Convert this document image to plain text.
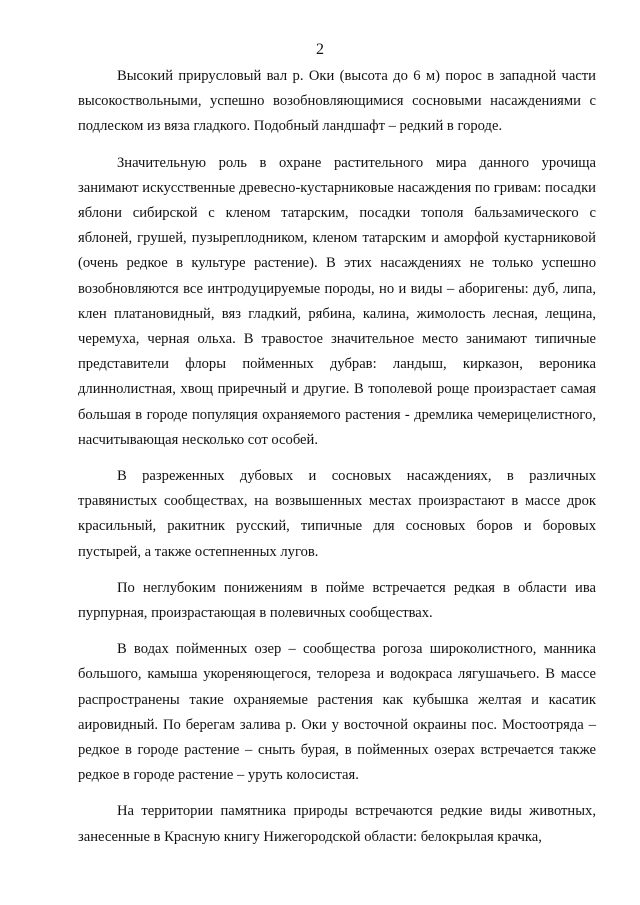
2

Высокий прирусловый вал р. Оки (высота до 6 м) порос в западной части высокоствольными, успешно возобновляющимися сосновыми насаждениями с подлеском из вяза гладкого. Подобный ландшафт – редкий в городе.

Значительную роль в охране растительного мира данного урочища занимают искусственные древесно-кустарниковые насаждения по гривам: посадки яблони сибирской с кленом татарским, посадки тополя бальзамического с яблоней, грушей, пузыреплодником, кленом татарским и аморфой кустарниковой (очень редкое в культуре растение). В этих насаждениях не только успешно возобновляются все интродуцируемые породы, но и виды – аборигены: дуб, липа, клен платановидный, вяз гладкий, рябина, калина, жимолость лесная, лещина, черемуха, черная ольха. В травостое значительное место занимают типичные представители флоры пойменных дубрав: ландыш, кирказон, вероника длиннолистная, хвощ приречный и другие. В тополевой роще произрастает самая большая в городе популяция охраняемого растения - дремлика чемерицелистного, насчитывающая несколько сот особей.

В разреженных дубовых и сосновых насаждениях, в различных травянистых сообществах, на возвышенных местах произрастают в массе дрок красильный, ракитник русский, типичные для сосновых боров и боровых пустырей, а также остепненных лугов.

По неглубоким понижениям в пойме встречается редкая в области ива пурпурная, произрастающая в полевичных сообществах.

В водах пойменных озер – сообщества рогоза широколистного, манника большого, камыша укореняющегося, телореза и водокраса лягушачьего. В массе распространены такие охраняемые растения как кубышка желтая и касатик аировидный. По берегам залива р. Оки у восточной окраины пос. Мостоотряда – редкое в городе растение – сныть бурая, в пойменных озерах встречается также редкое в городе растение – уруть колосистая.

На территории памятника природы встречаются редкие виды животных, занесенные в Красную книгу Нижегородской области: белокрылая крачка,
